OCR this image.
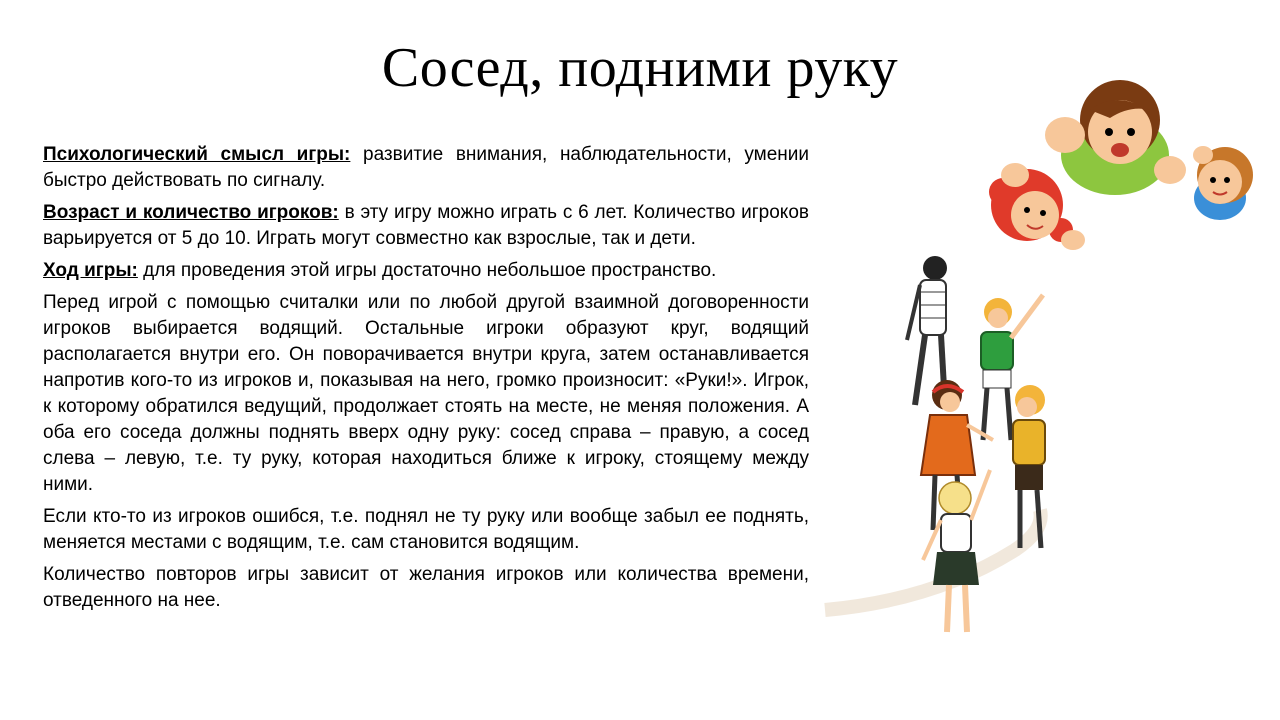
Сосед, подними руку

Психологический смысл игры: развитие внимания, наблюдательности, умении быстро действовать по сигналу.

Возраст и количество игроков: в эту игру можно играть с 6 лет. Количество игроков варьируется от 5 до 10. Играть могут совместно как взрослые, так и дети.

Ход игры: для проведения этой игры достаточно небольшое пространство.

Перед игрой с помощью считалки или по любой другой взаимной договоренности игроков выбирается водящий. Остальные игроки образуют круг, водящий располагается внутри его. Он поворачивается внутри круга, затем останавливается напротив кого-то из игроков и, показывая на него, громко произносит: «Руки!». Игрок, к которому обратился ведущий, продолжает стоять на месте, не меняя положения. А оба его соседа должны поднять вверх одну руку: сосед справа – правую, а сосед слева – левую, т.е. ту руку, которая находиться ближе к игроку, стоящему между ними.

Если кто-то из игроков ошибся, т.е. поднял не ту руку или вообще забыл ее поднять, меняется местами с водящим, т.е. сам становится водящим.

Количество повторов игры зависит от желания игроков или количества времени, отведенного на нее.
